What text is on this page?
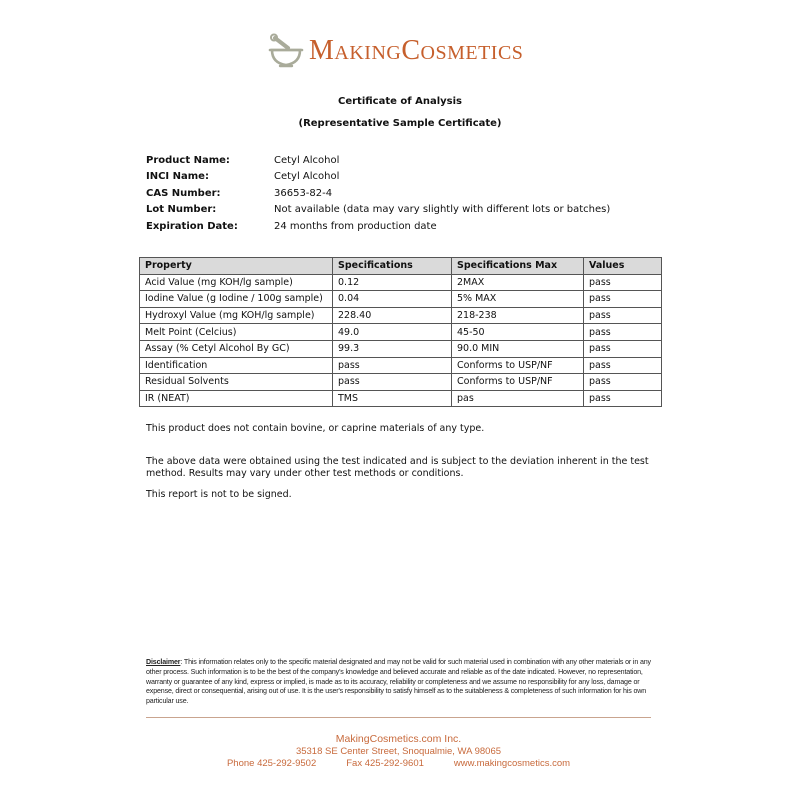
MakingCosmetics
Certificate of Analysis
(Representative Sample Certificate)
Product Name:	Cetyl Alcohol
INCI Name:	Cetyl Alcohol
CAS Number:	36653-82-4
Lot Number:	Not available (data may vary slightly with different lots or batches)
Expiration Date:	24 months from production date
Property	Specifications	Specifications Max	Values
Acid Value (mg KOH/lg sample)	0.12	2MAX	pass
Iodine Value (g Iodine / 100g sample)	0.04	5% MAX	pass
Hydroxyl Value (mg KOH/lg sample)	228.40	218-238	pass
Melt Point (Celcius)	49.0	45-50	pass
Assay (% Cetyl Alcohol By GC)	99.3	90.0 MIN	pass
Identification	pass	Conforms to USP/NF	pass
Residual Solvents	pass	Conforms to USP/NF	pass
IR (NEAT)	TMS	pas	pass
This product does not contain bovine, or caprine materials of any type.
The above data were obtained using the test indicated and is subject to the deviation inherent in the test method. Results may vary under other test methods or conditions.
This report is not to be signed.
Disclaimer: This information relates only to the specific material designated and may not be valid for such material used in combination with any other materials or in any other process. Such information is to be the best of the company's knowledge and believed accurate and reliable as of the date indicated. However, no representation, warranty or guarantee of any kind, express or implied, is made as to its accuracy, reliability or completeness and we assume no responsibility for any loss, damage or expense, direct or consequential, arising out of use. It is the user's responsibility to satisfy himself as to the suitableness & completeness of such information for his own particular use.
MakingCosmetics.com Inc.
35318 SE Center Street, Snoqualmie, WA 98065
Phone 425-292-9502	Fax 425-292-9601	www.makingcosmetics.com
